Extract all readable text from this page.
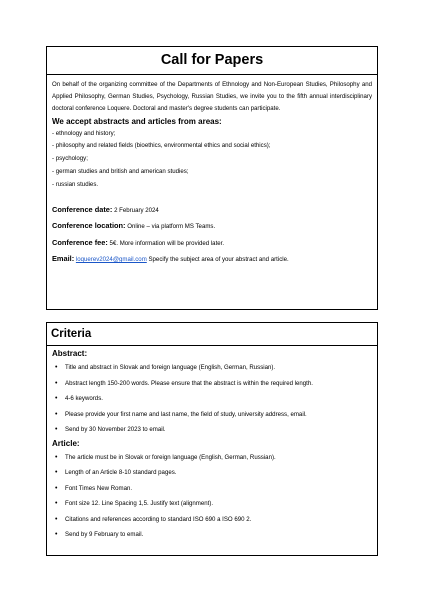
Call for Papers
On behalf of the organizing committee of the Departments of Ethnology and Non-European Studies, Philosophy and Applied Philosophy, German Studies, Psychology, Russian Studies, we invite you to the fifth annual interdisciplinary doctoral conference Loquere. Doctoral and master's degree students can participate.
We accept abstracts and articles from areas:
- ethnology and history;
- philosophy and related fields (bioethics, environmental ethics and social ethics);
- psychology;
- german studies and british and american studies;
- russian studies.
Conference date: 2 February 2024
Conference location: Online – via platform MS Teams.
Conference fee: 5€. More information will be provided later.
Email: loquerev2024@gmail.com Specify the subject area of your abstract and article.
Criteria
Abstract:
• Title and abstract in Slovak and foreign language (English, German, Russian).
• Abstract length 150-200 words. Please ensure that the abstract is within the required length.
• 4-6 keywords.
• Please provide your first name and last name, the field of study, university address, email.
• Send by 30 November 2023 to email.
Article:
• The article must be in Slovak or foreign language (English, German, Russian).
• Length of an Article 8-10 standard pages.
• Font Times New Roman.
• Font size 12. Line Spacing 1,5. Justify text (alignment).
• Citations and references according to standard ISO 690 a ISO 690 2.
• Send by 9 February to email.
